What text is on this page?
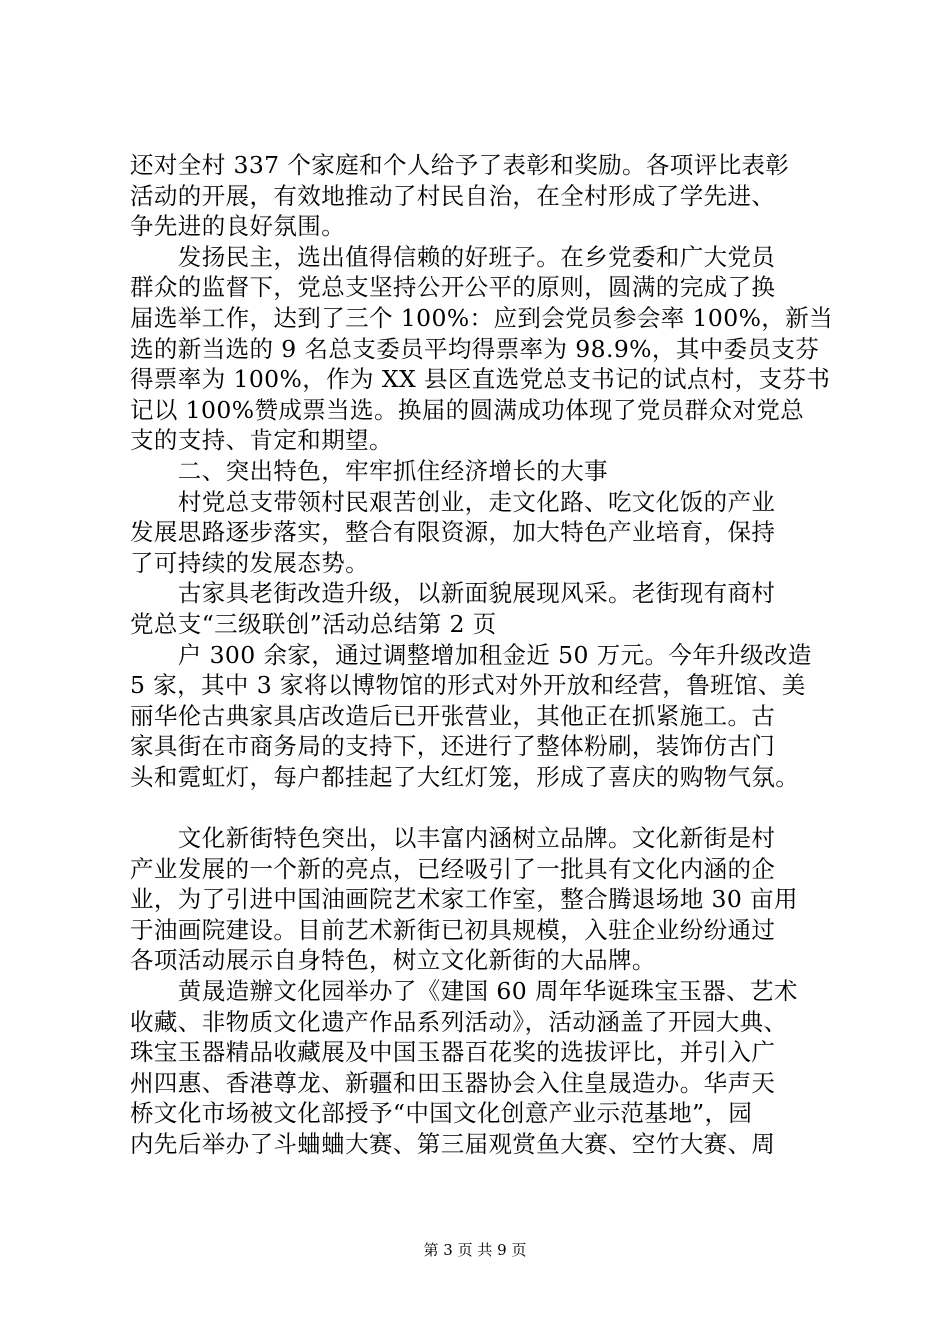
还对全村 337 个家庭和个人给予了表彰和奖励。各项评比表彰
活动的开展，有效地推动了村民自治，在全村形成了学先进、
争先进的良好氛围。
　　发扬民主，选出值得信赖的好班子。在乡党委和广大党员
群众的监督下，党总支坚持公开公平的原则，圆满的完成了换
届选举工作，达到了三个 100%：应到会党员参会率 100%，新当
选的新当选的 9 名总支委员平均得票率为 98.9%，其中委员支芬
得票率为 100%，作为 XX 县区直选党总支书记的试点村，支芬书
记以 100%赞成票当选。换届的圆满成功体现了党员群众对党总
支的支持、肯定和期望。
　　二、突出特色，牢牢抓住经济增长的大事
　　村党总支带领村民艰苦创业，走文化路、吃文化饭的产业
发展思路逐步落实，整合有限资源，加大特色产业培育，保持
了可持续的发展态势。
　　古家具老街改造升级，以新面貌展现风采。老街现有商村
党总支“三级联创”活动总结第 2 页
　　户 300 余家，通过调整增加租金近 50 万元。今年升级改造
5 家，其中 3 家将以博物馆的形式对外开放和经营，鲁班馆、美
丽华伦古典家具店改造后已开张营业，其他正在抓紧施工。古
家具街在市商务局的支持下，还进行了整体粉刷，装饰仿古门
头和霓虹灯，每户都挂起了大红灯笼，形成了喜庆的购物气氛。
　　文化新街特色突出，以丰富内涵树立品牌。文化新街是村
产业发展的一个新的亮点，已经吸引了一批具有文化内涵的企
业，为了引进中国油画院艺术家工作室，整合腾退场地 30 亩用
于油画院建设。目前艺术新街已初具规模，入驻企业纷纷通过
各项活动展示自身特色，树立文化新街的大品牌。
　　黄晟造辦文化园举办了《建国 60 周年华诞珠宝玉器、艺术
收藏、非物质文化遗产作品系列活动》，活动涵盖了开园大典、
珠宝玉器精品收藏展及中国玉器百花奖的选拔评比，并引入广
州四惠、香港尊龙、新疆和田玉器协会入住皇晟造办。华声天
桥文化市场被文化部授予“中国文化创意产业示范基地”，园
内先后举办了斗蛐蛐大赛、第三届观赏鱼大赛、空竹大赛、周
第 3 页 共 9 页
